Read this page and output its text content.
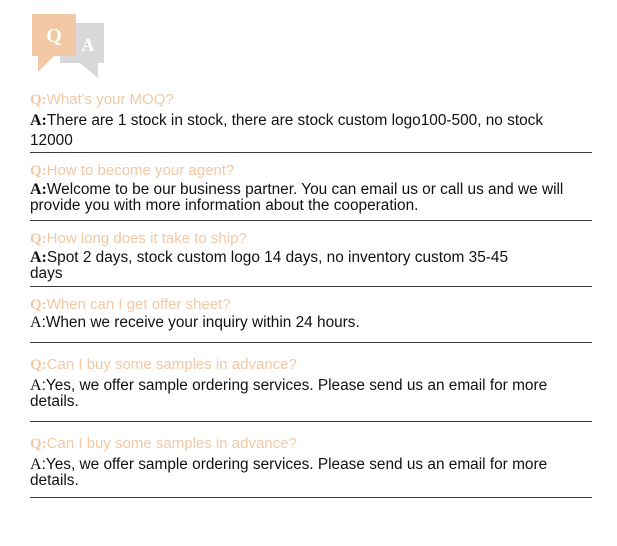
Q A
Q:What's your MOQ?
A:There are 1 stock in stock, there are stock custom logo100-500, no stock 12000
Q:How to become your agent?
A:Welcome to be our business partner. You can email us or call us and we will provide you with more information about the cooperation.
Q:How long does it take to ship?
A:Spot 2 days, stock custom logo 14 days, no inventory custom 35-45 days
Q:When can I get offer sheet?
A:When we receive your inquiry within 24 hours.
Q:Can I buy some samples in advance?
A:Yes, we offer sample ordering services. Please send us an email for more details.
Q:Can I buy some samples in advance?
A:Yes, we offer sample ordering services. Please send us an email for more details.
